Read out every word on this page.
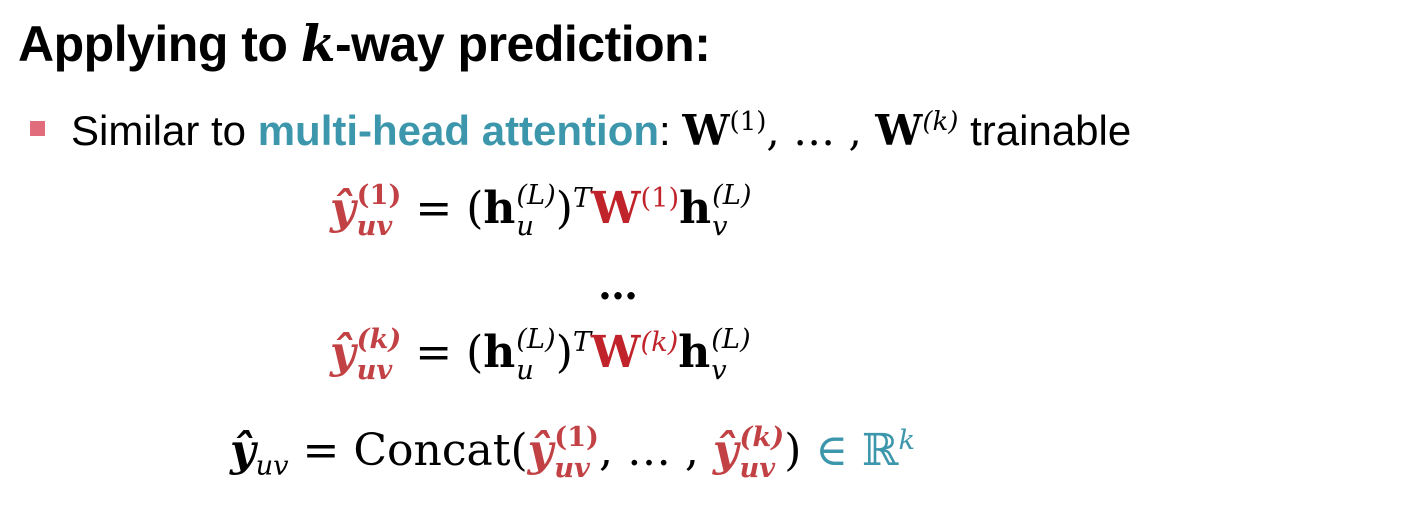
Applying to k-way prediction:
Similar to multi-head attention: $W^{(1)}$, … , $W^{(k)}$ trainable
ŷ (1)
uv = (h (L)
u )$^TW^{(1)}h$ (L)
v
…
ŷ (k)
uv = (h (L)
u )$^TW^{(k)}h$ (L)
v
$ŷ_{uv}$ = Concat(ŷ (1)
uv , … , ŷ (k)
uv ) ∈ ℝ$^k$
